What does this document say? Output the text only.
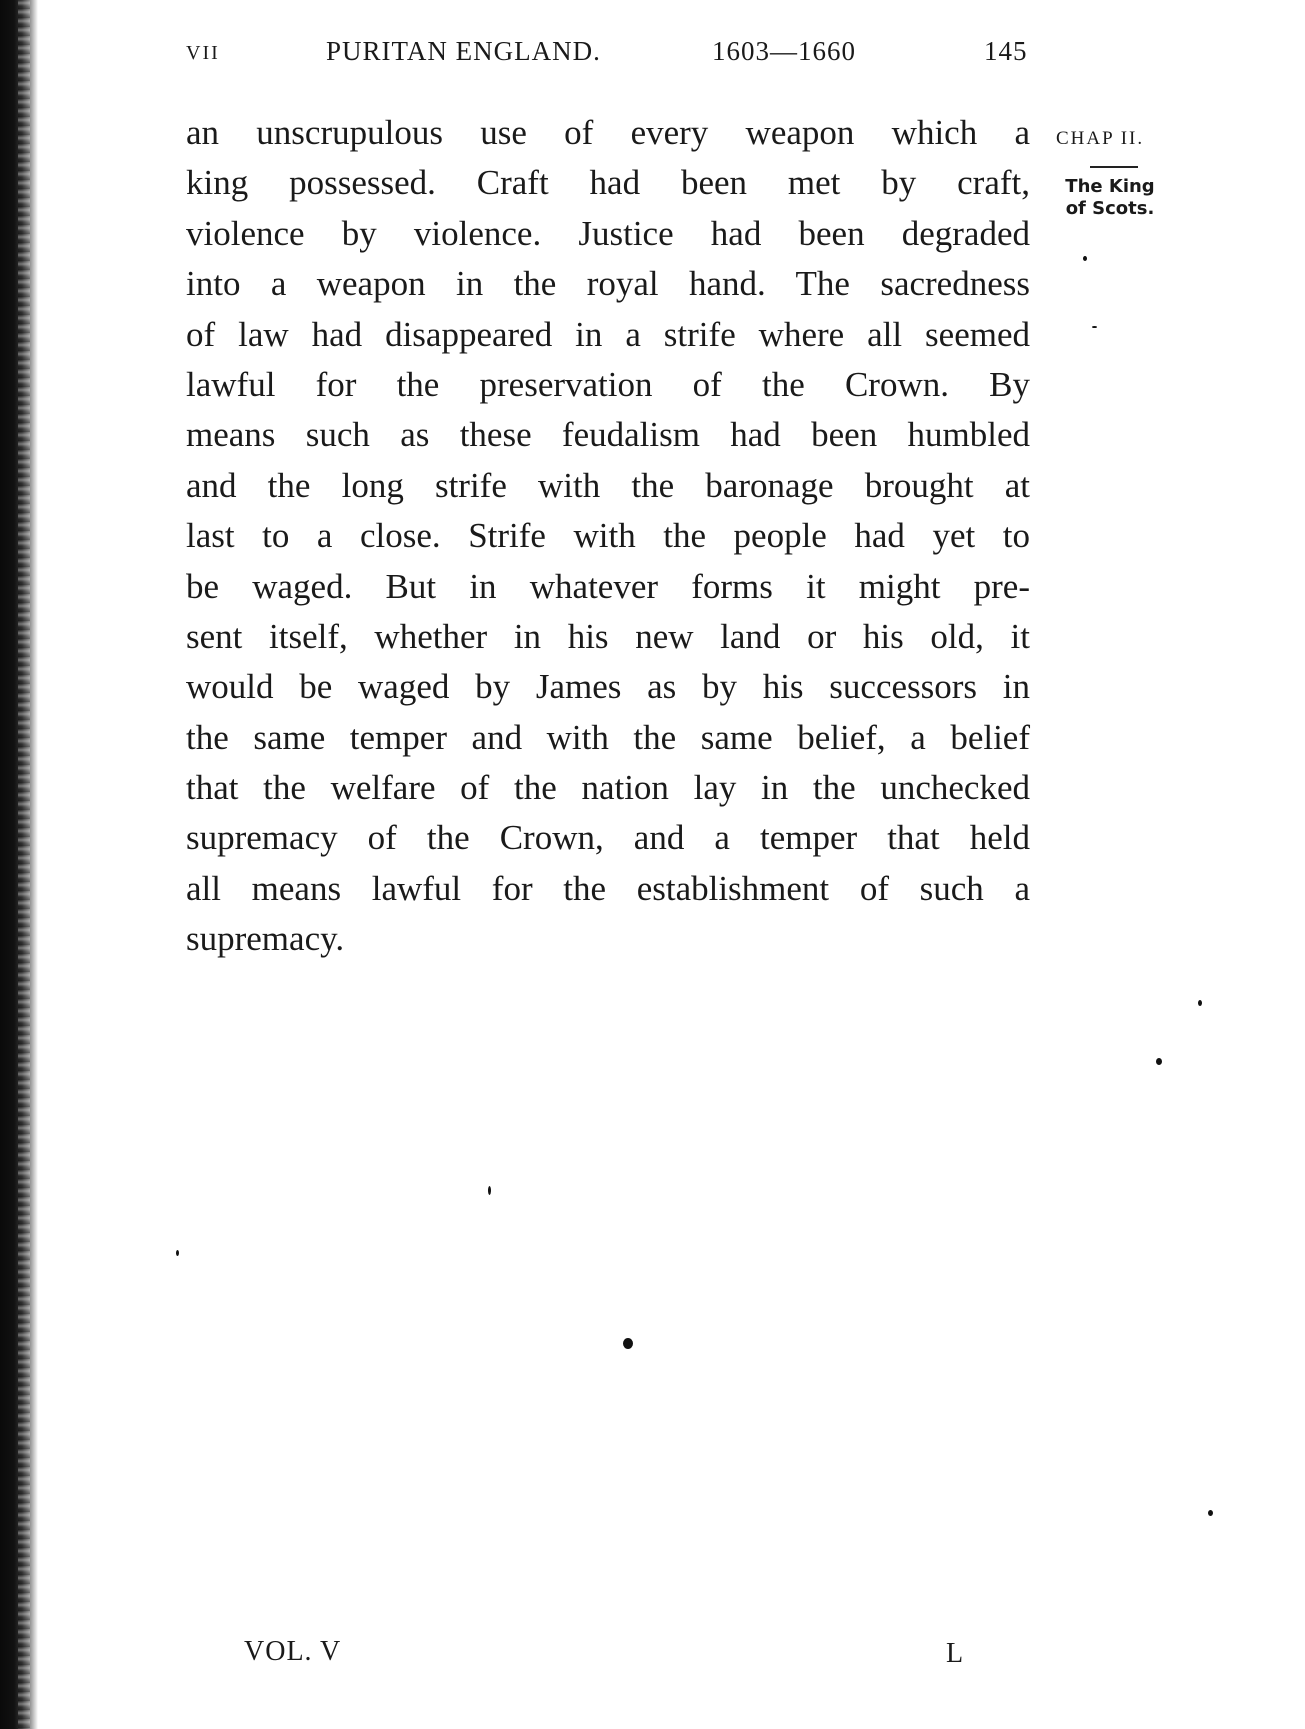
VII	PURITAN ENGLAND.	1603—1660	145
an unscrupulous use of every weapon which a
king possessed. Craft had been met by craft,
violence by violence. Justice had been degraded
into a weapon in the royal hand. The sacredness
of law had disappeared in a strife where all seemed
lawful for the preservation of the Crown. By
means such as these feudalism had been humbled
and the long strife with the baronage brought at
last to a close. Strife with the people had yet to
be waged. But in whatever forms it might pre-
sent itself, whether in his new land or his old, it
would be waged by James as by his successors in
the same temper and with the same belief, a belief
that the welfare of the nation lay in the unchecked
supremacy of the Crown, and a temper that held
all means lawful for the establishment of such a
supremacy.
CHAP II.
The King
of Scots.
VOL. V	L
